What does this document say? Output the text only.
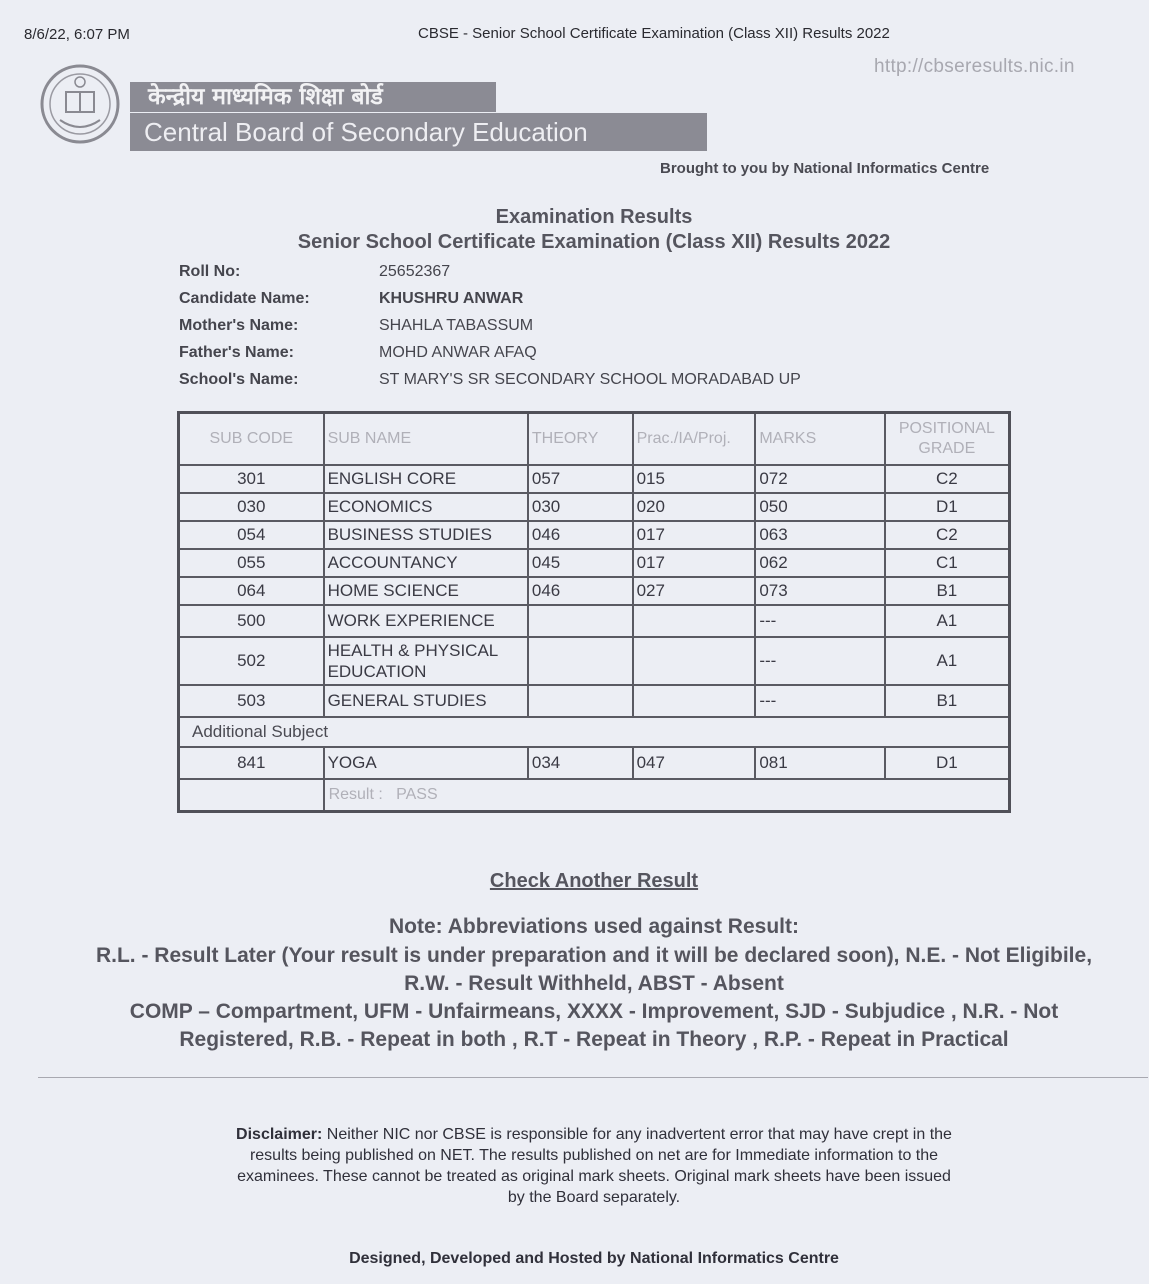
8/6/22, 6:07 PM	CBSE - Senior School Certificate Examination (Class XII) Results 2022
http://cbseresults.nic.in
केन्द्रीय माध्यमिक शिक्षा बोर्ड
Central Board of Secondary Education
Brought to you by National Informatics Centre
Examination Results
Senior School Certificate Examination (Class XII) Results 2022
Roll No:	25652367
Candidate Name:	KHUSHRU ANWAR
Mother's Name:	SHAHLA TABASSUM
Father's Name:	MOHD ANWAR AFAQ
School's Name:	ST MARY'S SR SECONDARY SCHOOL MORADABAD UP
SUB CODE	SUB NAME	THEORY	Prac./IA/Proj.	MARKS	POSITIONAL
GRADE
301	ENGLISH CORE	057	015	072	C2
030	ECONOMICS	030	020	050	D1
054	BUSINESS STUDIES	046	017	063	C2
055	ACCOUNTANCY	045	017	062	C1
064	HOME SCIENCE	046	027	073	B1
500	WORK EXPERIENCE			---	A1
502	HEALTH & PHYSICAL
EDUCATION			---	A1
503	GENERAL STUDIES			---	B1
Additional Subject					
841	YOGA	034	047	081	D1
	Result :   PASS				
Check Another Result
Note: Abbreviations used against Result:
R.L. - Result Later (Your result is under preparation and it will be declared soon), N.E. - Not Eligibile,
R.W. - Result Withheld, ABST - Absent
COMP – Compartment, UFM - Unfairmeans, XXXX - Improvement, SJD - Subjudice , N.R. - Not
Registered, R.B. - Repeat in both , R.T - Repeat in Theory , R.P. - Repeat in Practical
Disclaimer: Neither NIC nor CBSE is responsible for any inadvertent error that may have crept in the
results being published on NET. The results published on net are for Immediate information to the
examinees. These cannot be treated as original mark sheets. Original mark sheets have been issued
by the Board separately.
Designed, Developed and Hosted by National Informatics Centre
